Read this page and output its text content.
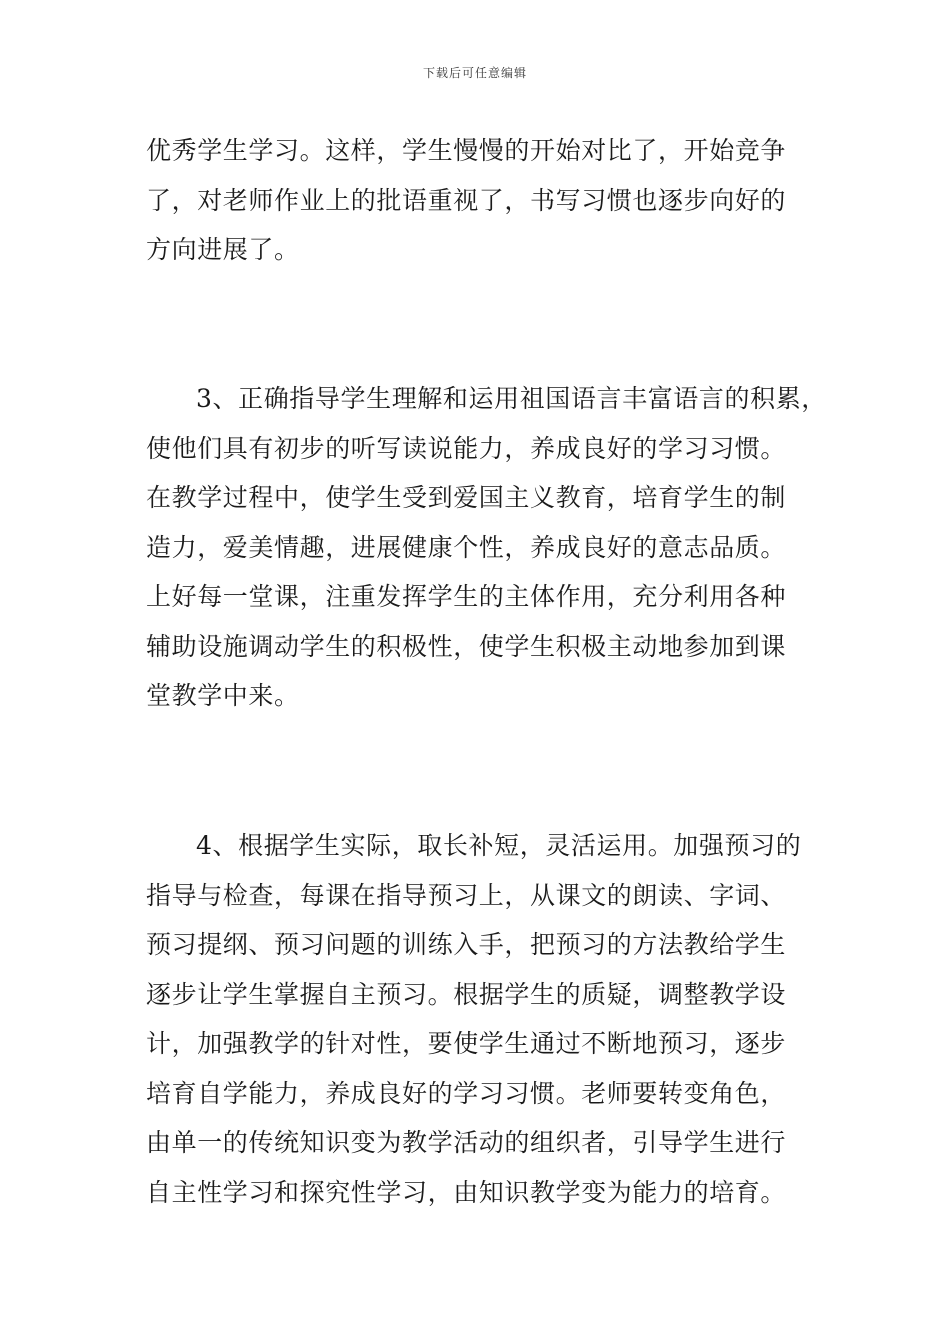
下载后可任意编辑
优秀学生学习。这样，学生慢慢的开始对比了，开始竞争
了，对老师作业上的批语重视了，书写习惯也逐步向好的
方向进展了。
3、正确指导学生理解和运用祖国语言丰富语言的积累，
使他们具有初步的听写读说能力，养成良好的学习习惯。
在教学过程中，使学生受到爱国主义教育，培育学生的制
造力，爱美情趣，进展健康个性，养成良好的意志品质。
上好每一堂课，注重发挥学生的主体作用，充分利用各种
辅助设施调动学生的积极性，使学生积极主动地参加到课
堂教学中来。
4、根据学生实际，取长补短，灵活运用。加强预习的
指导与检查，每课在指导预习上，从课文的朗读、字词、
预习提纲、预习问题的训练入手，把预习的方法教给学生
逐步让学生掌握自主预习。根据学生的质疑，调整教学设
计，加强教学的针对性，要使学生通过不断地预习，逐步
培育自学能力，养成良好的学习习惯。老师要转变角色，
由单一的传统知识变为教学活动的组织者，引导学生进行
自主性学习和探究性学习，由知识教学变为能力的培育。
